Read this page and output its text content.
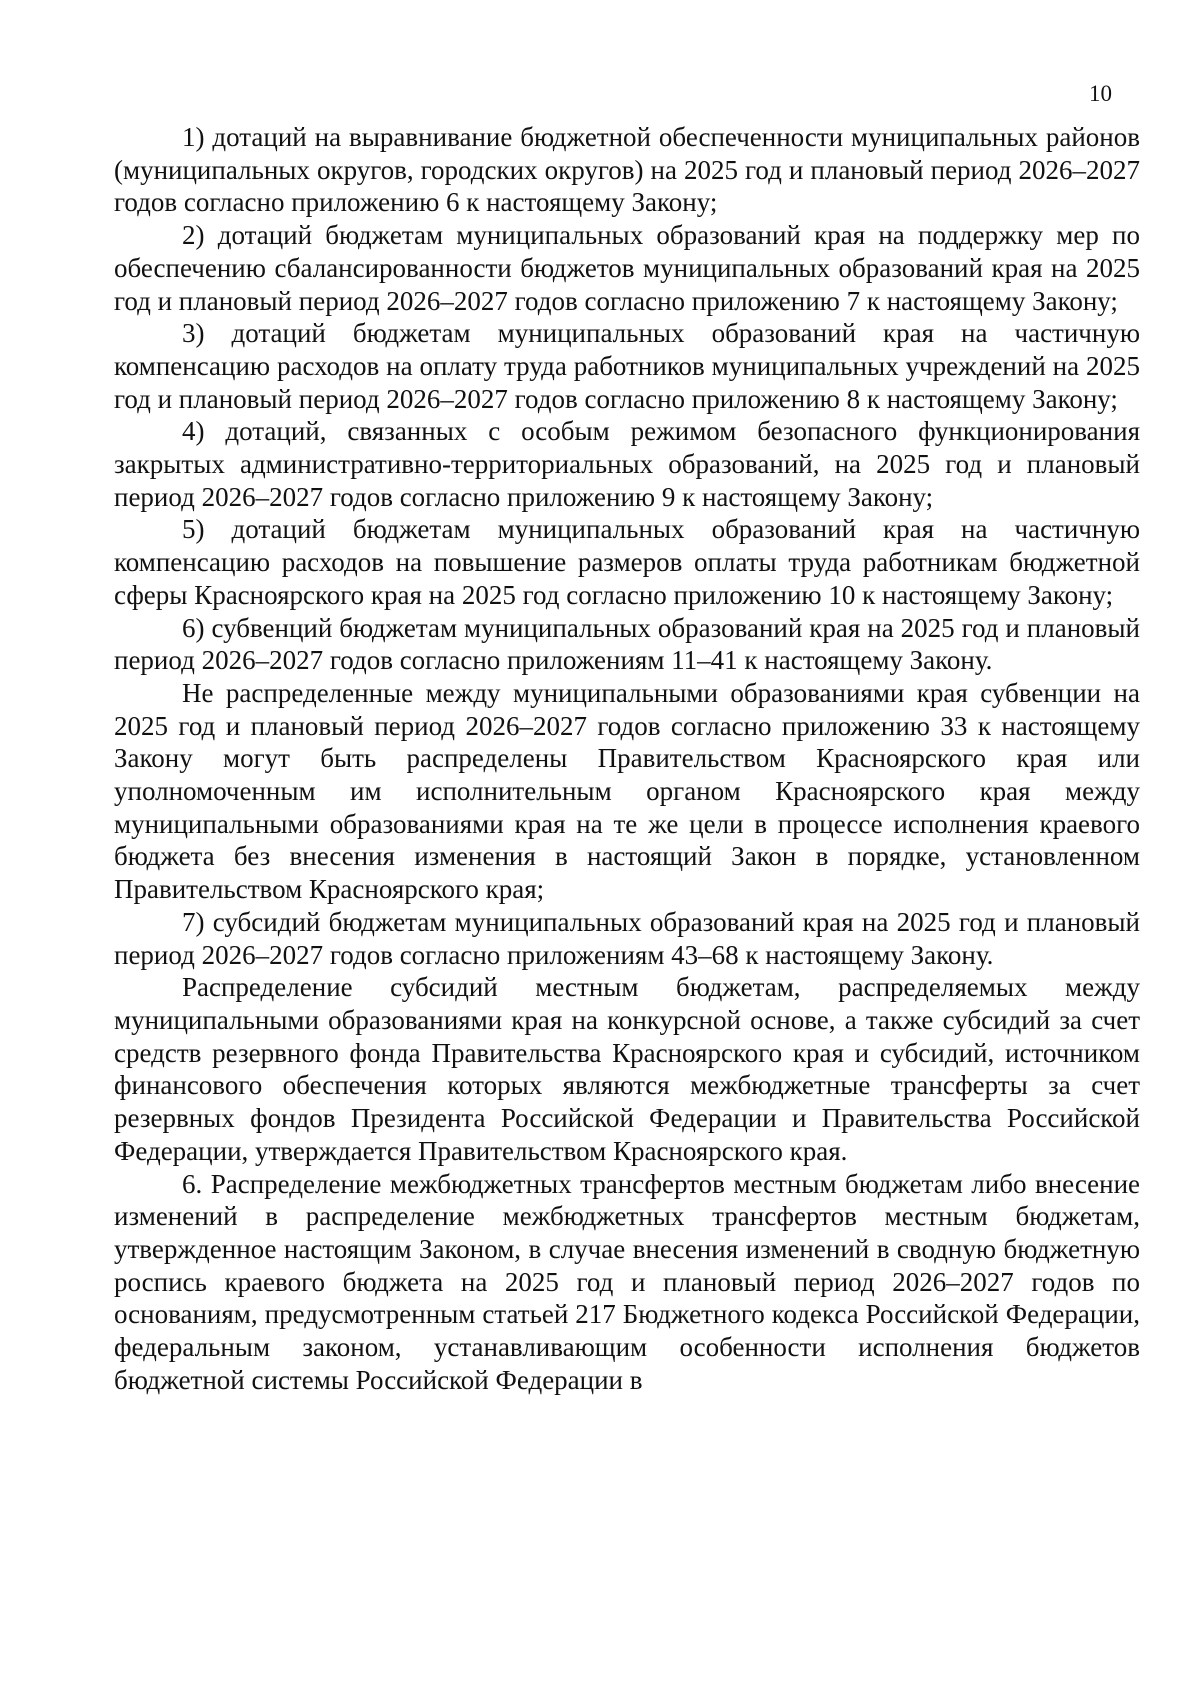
10

1) дотаций на выравнивание бюджетной обеспеченности муниципальных районов (муниципальных округов, городских округов) на 2025 год и плановый период 2026–2027 годов согласно приложению 6 к настоящему Закону;

2) дотаций бюджетам муниципальных образований края на поддержку мер по обеспечению сбалансированности бюджетов муниципальных образований края на 2025 год и плановый период 2026–2027 годов согласно приложению 7 к настоящему Закону;

3) дотаций бюджетам муниципальных образований края на частичную компенсацию расходов на оплату труда работников муниципальных учреждений на 2025 год и плановый период 2026–2027 годов согласно приложению 8 к настоящему Закону;

4) дотаций, связанных с особым режимом безопасного функционирования закрытых административно-территориальных образований, на 2025 год и плановый период 2026–2027 годов согласно приложению 9 к настоящему Закону;

5) дотаций бюджетам муниципальных образований края на частичную компенсацию расходов на повышение размеров оплаты труда работникам бюджетной сферы Красноярского края на 2025 год согласно приложению 10 к настоящему Закону;

6) субвенций бюджетам муниципальных образований края на 2025 год и плановый период 2026–2027 годов согласно приложениям 11–41 к настоящему Закону.

Не распределенные между муниципальными образованиями края субвенции на 2025 год и плановый период 2026–2027 годов согласно приложению 33 к настоящему Закону могут быть распределены Правительством Красноярского края или уполномоченным им исполнительным органом Красноярского края между муниципальными образованиями края на те же цели в процессе исполнения краевого бюджета без внесения изменения в настоящий Закон в порядке, установленном Правительством Красноярского края;

7) субсидий бюджетам муниципальных образований края на 2025 год и плановый период 2026–2027 годов согласно приложениям 43–68 к настоящему Закону.

Распределение субсидий местным бюджетам, распределяемых между муниципальными образованиями края на конкурсной основе, а также субсидий за счет средств резервного фонда Правительства Красноярского края и субсидий, источником финансового обеспечения которых являются межбюджетные трансферты за счет резервных фондов Президента Российской Федерации и Правительства Российской Федерации, утверждается Правительством Красноярского края.

6. Распределение межбюджетных трансфертов местным бюджетам либо внесение изменений в распределение межбюджетных трансфертов местным бюджетам, утвержденное настоящим Законом, в случае внесения изменений в сводную бюджетную роспись краевого бюджета на 2025 год и плановый период 2026–2027 годов по основаниям, предусмотренным статьей 217 Бюджетного кодекса Российской Федерации, федеральным законом, устанавливающим особенности исполнения бюджетов бюджетной системы Российской Федерации в
